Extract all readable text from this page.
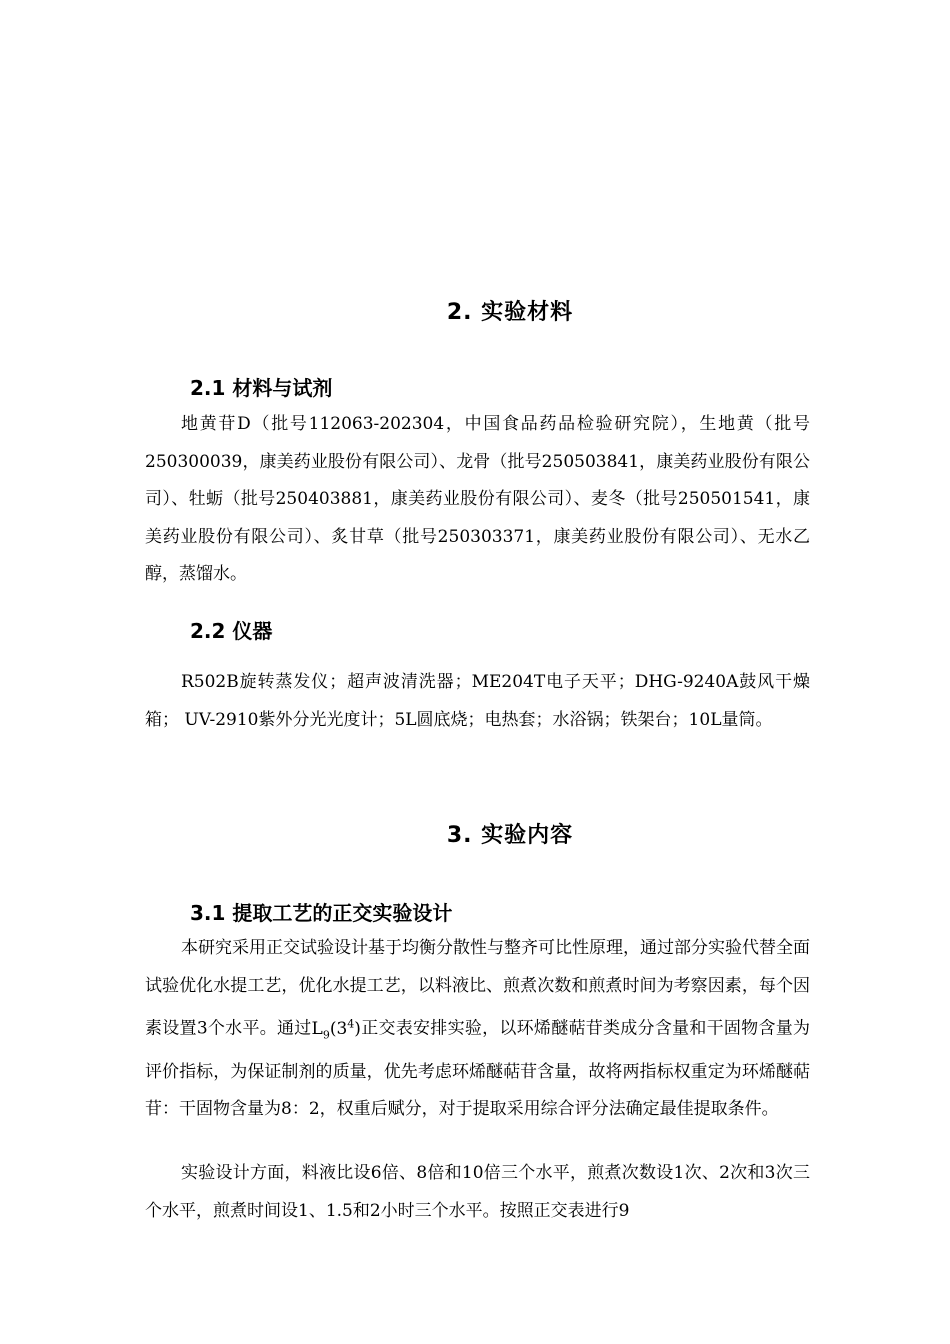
2. 实验材料
2.1 材料与试剂
地黄苷D（批号112063-202304，中国食品药品检验研究院），生地黄（批号250300039，康美药业股份有限公司）、龙骨（批号250503841，康美药业股份有限公司）、牡蛎（批号250403881，康美药业股份有限公司）、麦冬（批号250501541，康美药业股份有限公司）、炙甘草（批号250303371，康美药业股份有限公司）、无水乙醇，蒸馏水。
2.2 仪器
R502B旋转蒸发仪；超声波清洗器；ME204T电子天平；DHG-9240A鼓风干燥箱； UV-2910紫外分光光度计；5L圆底烧；电热套；水浴锅；铁架台；10L量筒。
3. 实验内容
3.1 提取工艺的正交实验设计
本研究采用正交试验设计基于均衡分散性与整齐可比性原理，通过部分实验代替全面试验优化水提工艺，优化水提工艺，以料液比、煎煮次数和煎煮时间为考察因素，每个因素设置3个水平。通过$L_9(3^4)$正交表安排实验，以环烯醚萜苷类成分含量和干固物含量为评价指标，为保证制剂的质量，优先考虑环烯醚萜苷含量，故将两指标权重定为环烯醚萜苷：干固物含量为8：2，权重后赋分，对于提取采用综合评分法确定最佳提取条件。
实验设计方面，料液比设6倍、8倍和10倍三个水平，煎煮次数设1次、2次和3次三个水平，煎煮时间设1、1.5和2小时三个水平。按照正交表进行9
